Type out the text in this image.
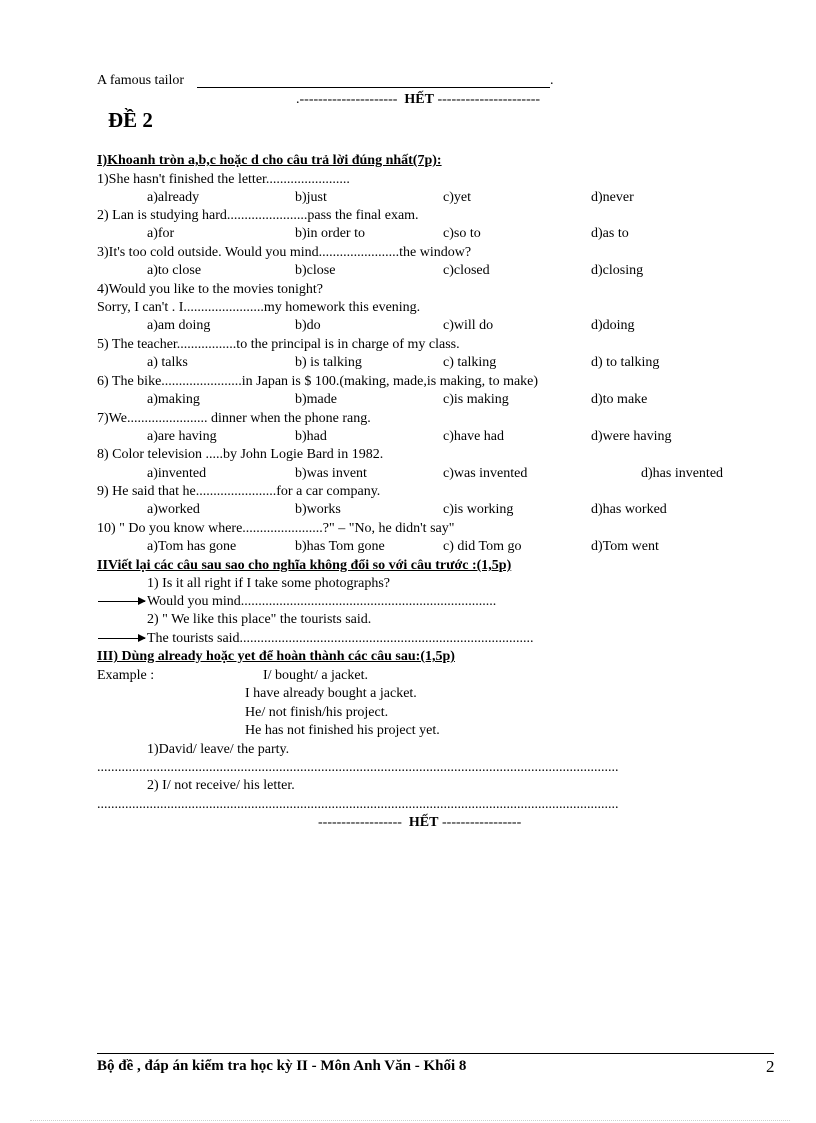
A famous tailor	.
.--------------------- HẾT ----------------------
ĐỀ 2
I)Khoanh tròn a,b,c hoặc d cho câu trả lời đúng nhất(7p):
1)She hasn't finished the letter........................
a)already	b)just	c)yet	d)never
2) Lan is studying hard.......................pass the final exam.
a)for	b)in order to	c)so to	d)as to
3)It's too cold outside. Would you mind.......................the window?
a)to close	b)close	c)closed	d)closing
4)Would you like to the movies tonight?
Sorry, I can't . I.......................my homework this evening.
a)am doing	b)do	c)will do	d)doing
5) The teacher.................to the principal is in charge of my class.
a) talks	b) is talking	c) talking	d) to talking
6) The bike.......................in Japan is $ 100.(making, made,is making, to make)
a)making	b)made	c)is making	d)to make
7)We....................... dinner when the phone rang.
a)are having	b)had	c)have had	d)were having
8) Color television .....by John Logie Bard in 1982.
a)invented	b)was invent	c)was invented	d)has invented
9) He said that he.......................for a car company.
a)worked	b)works	c)is working	d)has worked
10) " Do you know where.......................?" – "No, he didn't say"
a)Tom has gone	b)has Tom gone	c) did Tom go	d)Tom went
IIViết lại các câu sau sao cho nghĩa không đổi so với câu trước :(1,5p)
1) Is it all right if I take some photographs?
Would you mind.........................................................................
2) " We like this place" the tourists said.
The tourists said....................................................................................
III) Dùng already hoặc yet để hoàn thành các câu sau:(1,5p)
Example :	I/ bought/ a jacket.
I have already bought a jacket.
He/ not finish/his project.
He has not finished his project yet.
1)David/ leave/ the party.
.....................................................................................................................................................
2) I/ not receive/ his letter.
.....................................................................................................................................................
------------------ HẾT -----------------
Bộ đề , đáp án kiểm tra học kỳ II - Môn Anh Văn - Khối 8	2
